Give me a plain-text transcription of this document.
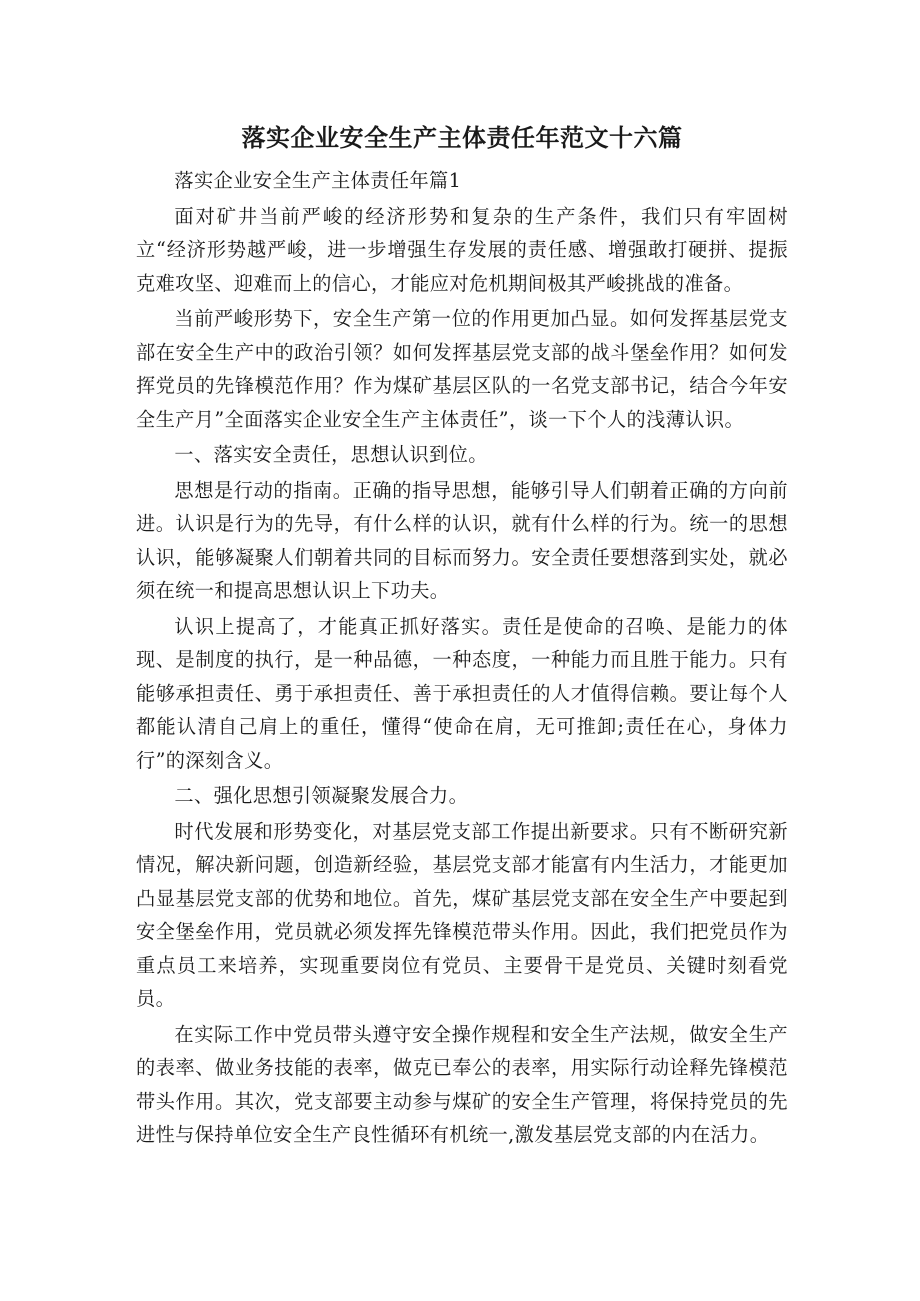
落实企业安全生产主体责任年范文十六篇

落实企业安全生产主体责任年篇1

面对矿井当前严峻的经济形势和复杂的生产条件，我们只有牢固树立“经济形势越严峻，进一步增强生存发展的责任感、增强敢打硬拼、提振克难攻坚、迎难而上的信心，才能应对危机期间极其严峻挑战的准备。

当前严峻形势下，安全生产第一位的作用更加凸显。如何发挥基层党支部在安全生产中的政治引领？如何发挥基层党支部的战斗堡垒作用？如何发挥党员的先锋模范作用？作为煤矿基层区队的一名党支部书记，结合今年安全生产月”全面落实企业安全生产主体责任”，谈一下个人的浅薄认识。

一、落实安全责任，思想认识到位。

思想是行动的指南。正确的指导思想，能够引导人们朝着正确的方向前进。认识是行为的先导，有什么样的认识，就有什么样的行为。统一的思想认识，能够凝聚人们朝着共同的目标而努力。安全责任要想落到实处，就必须在统一和提高思想认识上下功夫。

认识上提高了，才能真正抓好落实。责任是使命的召唤、是能力的体现、是制度的执行，是一种品德，一种态度，一种能力而且胜于能力。只有能够承担责任、勇于承担责任、善于承担责任的人才值得信赖。要让每个人都能认清自己肩上的重任，懂得“使命在肩，无可推卸;责任在心，身体力行”的深刻含义。

二、强化思想引领凝聚发展合力。

时代发展和形势变化，对基层党支部工作提出新要求。只有不断研究新情况，解决新问题，创造新经验，基层党支部才能富有内生活力，才能更加凸显基层党支部的优势和地位。首先，煤矿基层党支部在安全生产中要起到安全堡垒作用，党员就必须发挥先锋模范带头作用。因此，我们把党员作为重点员工来培养，实现重要岗位有党员、主要骨干是党员、关键时刻看党员。

在实际工作中党员带头遵守安全操作规程和安全生产法规，做安全生产的表率、做业务技能的表率，做克已奉公的表率，用实际行动诠释先锋模范带头作用。其次，党支部要主动参与煤矿的安全生产管理，将保持党员的先进性与保持单位安全生产良性循环有机统一,激发基层党支部的内在活力。
